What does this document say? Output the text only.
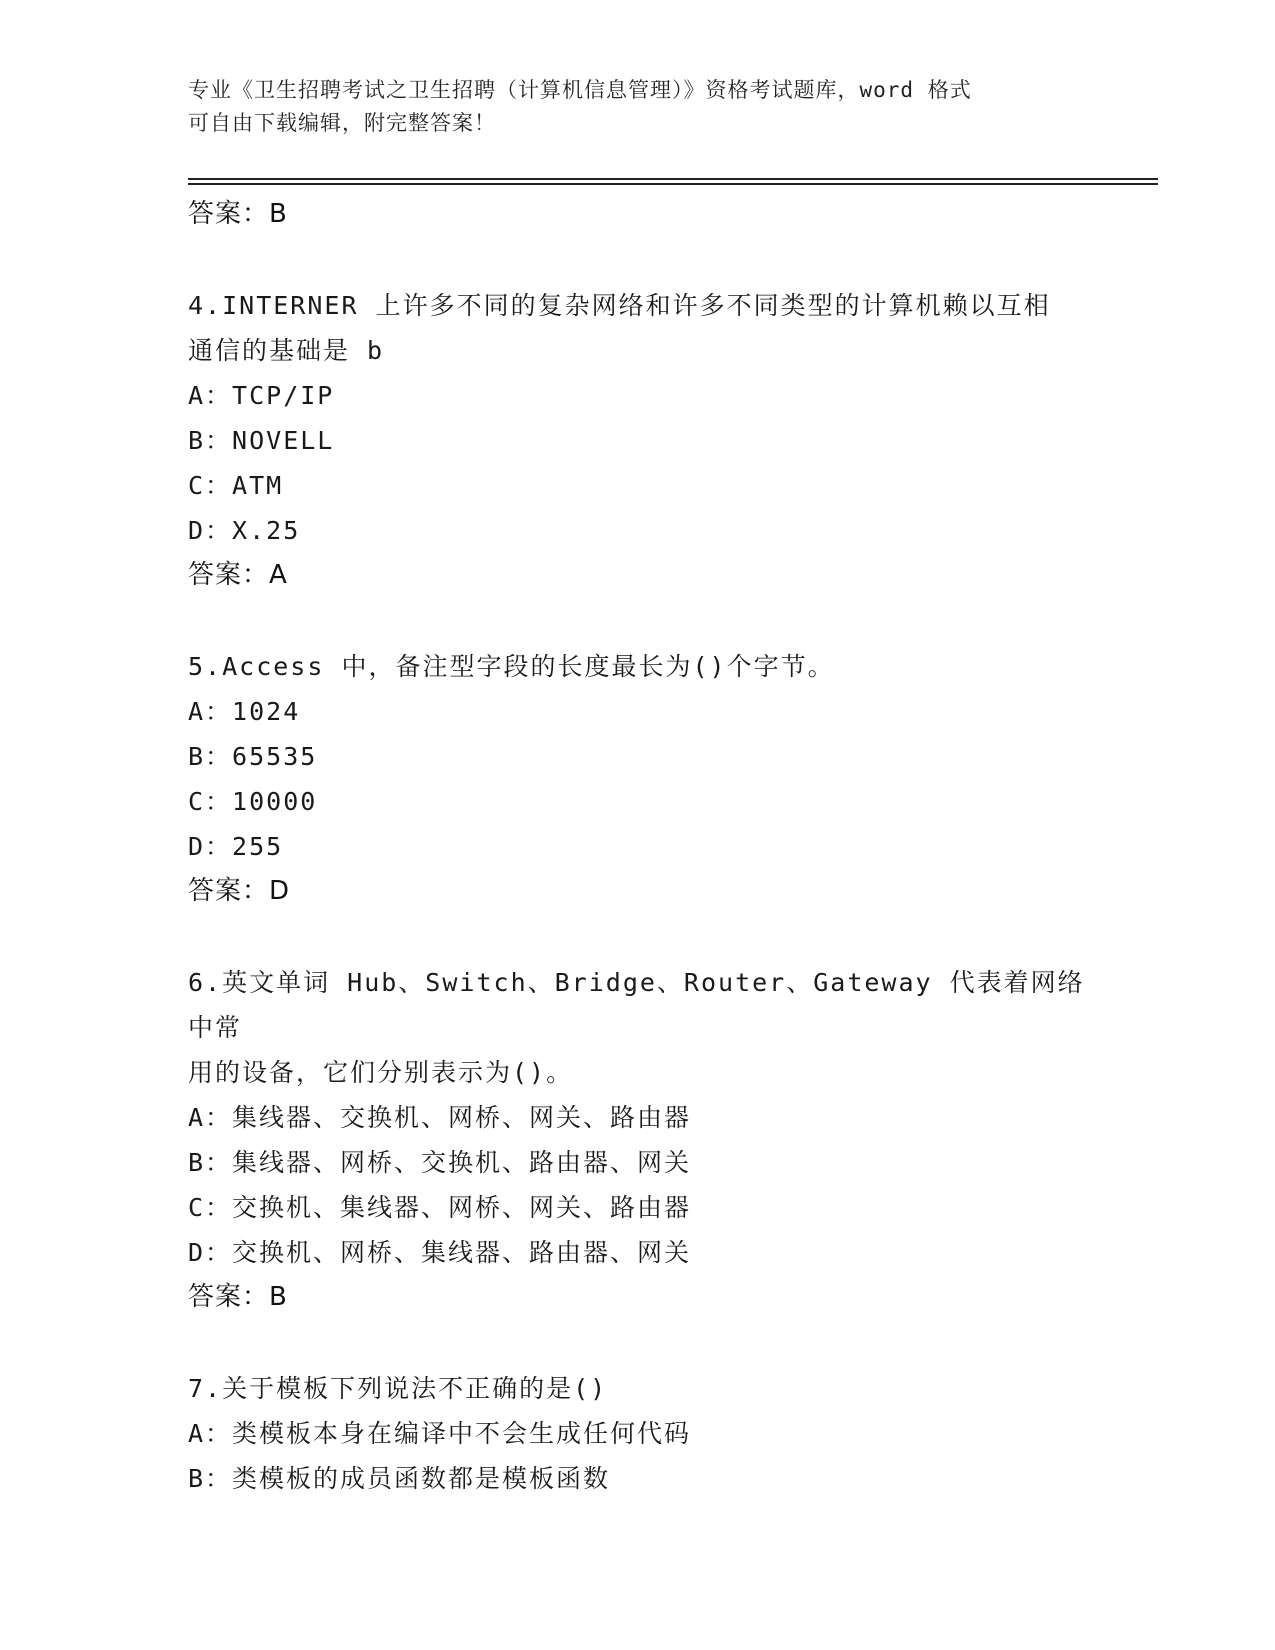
专业《卫生招聘考试之卫生招聘（计算机信息管理）》资格考试题库，word 格式
可自由下载编辑，附完整答案！
答案：B
4.INTERNER 上许多不同的复杂网络和许多不同类型的计算机赖以互相
通信的基础是 b
A：TCP/IP
B：NOVELL
C：ATM
D：X.25
答案：A
5.Access 中，备注型字段的长度最长为()个字节。
A：1024
B：65535
C：10000
D：255
答案：D
6.英文单词 Hub、Switch、Bridge、Router、Gateway 代表着网络中常
用的设备，它们分别表示为()。
A：集线器、交换机、网桥、网关、路由器
B：集线器、网桥、交换机、路由器、网关
C：交换机、集线器、网桥、网关、路由器
D：交换机、网桥、集线器、路由器、网关
答案：B
7.关于模板下列说法不正确的是()
A：类模板本身在编译中不会生成任何代码
B：类模板的成员函数都是模板函数
